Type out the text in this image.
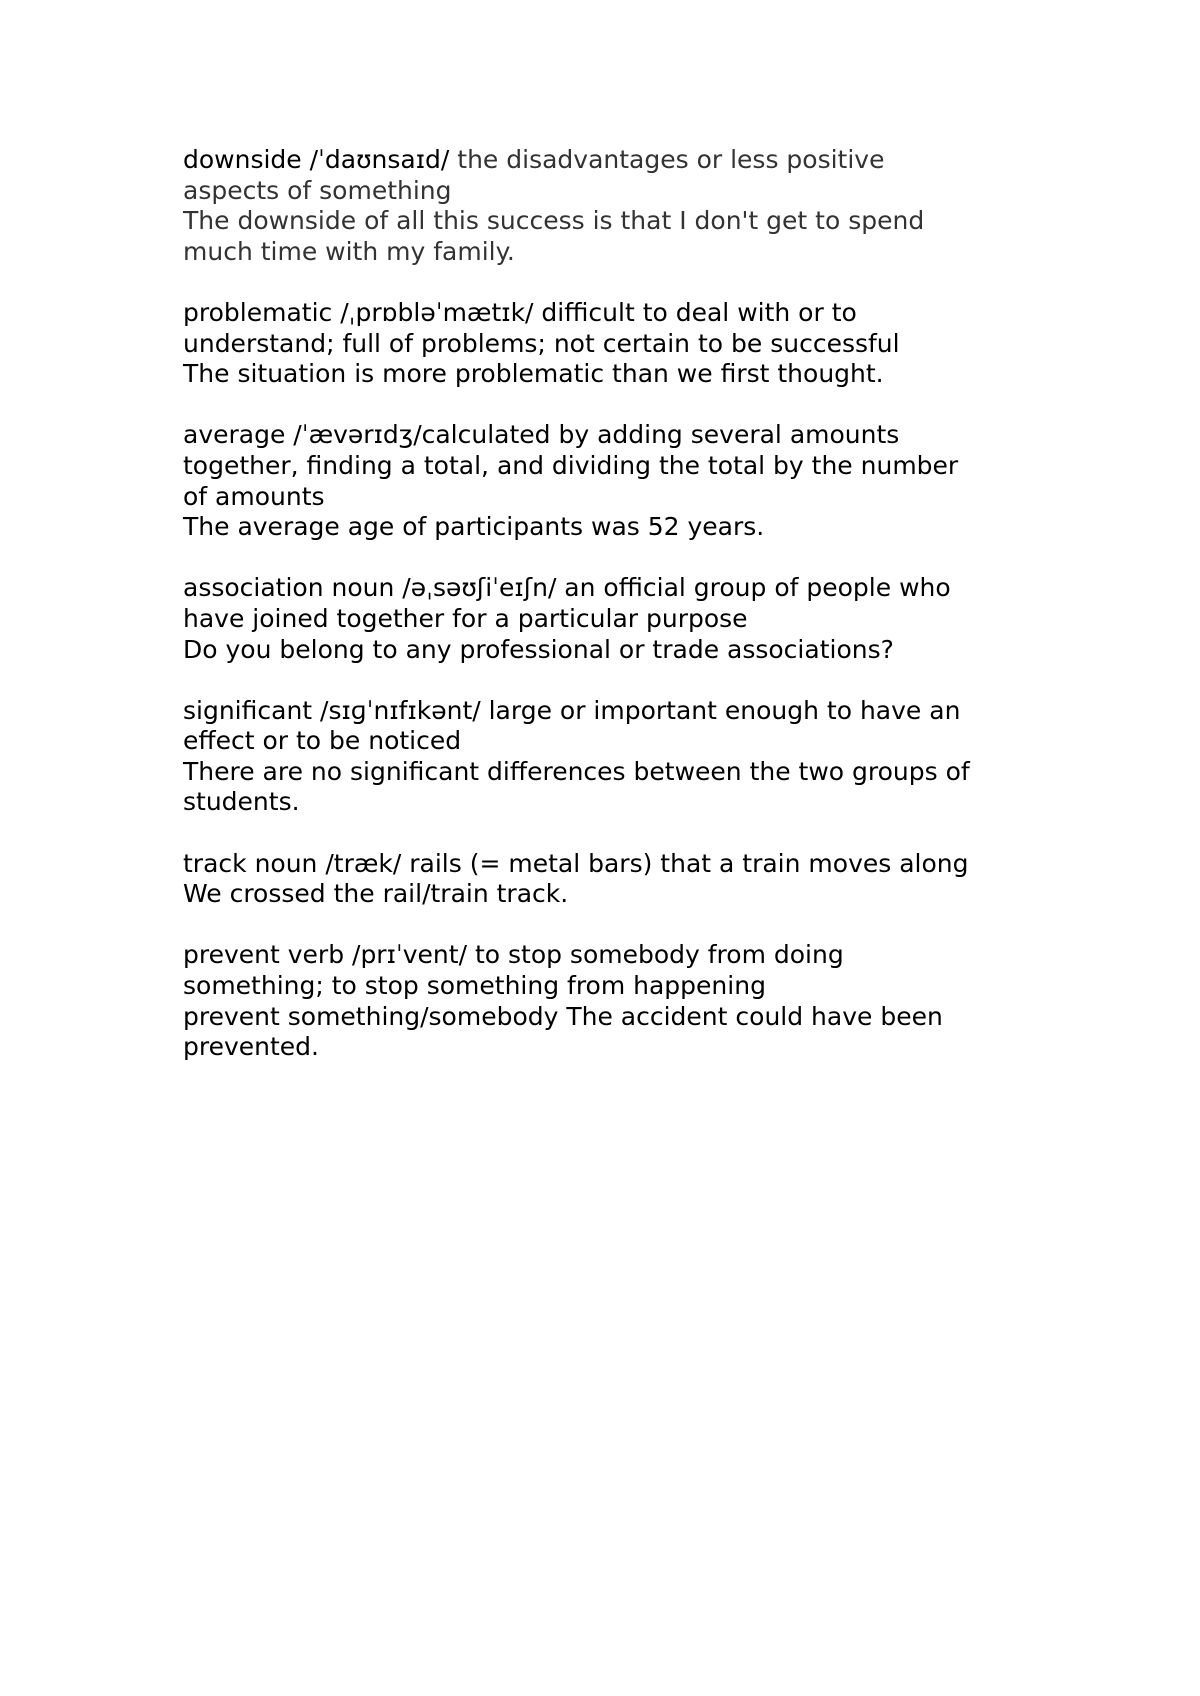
downside /ˈdaʊnsaɪd/ the disadvantages or less positive
aspects of something
The downside of all this success is that I don't get to spend
much time with my family.
problematic /ˌprɒbləˈmætɪk/ difficult to deal with or to
understand; full of problems; not certain to be successful
The situation is more problematic than we first thought.
average /ˈævərɪdʒ/calculated by adding several amounts
together, finding a total, and dividing the total by the number
of amounts
The average age of participants was 52 years.
association noun /əˌsəʊʃiˈeɪʃn/ an official group of people who
have joined together for a particular purpose
Do you belong to any professional or trade associations?
significant /sɪɡˈnɪfɪkənt/ large or important enough to have an
effect or to be noticed
There are no significant differences between the two groups of
students.
track noun /træk/ rails (= metal bars) that a train moves along
We crossed the rail/train track.
prevent verb /prɪˈvent/ to stop somebody from doing
something; to stop something from happening
prevent something/somebody The accident could have been
prevented.
